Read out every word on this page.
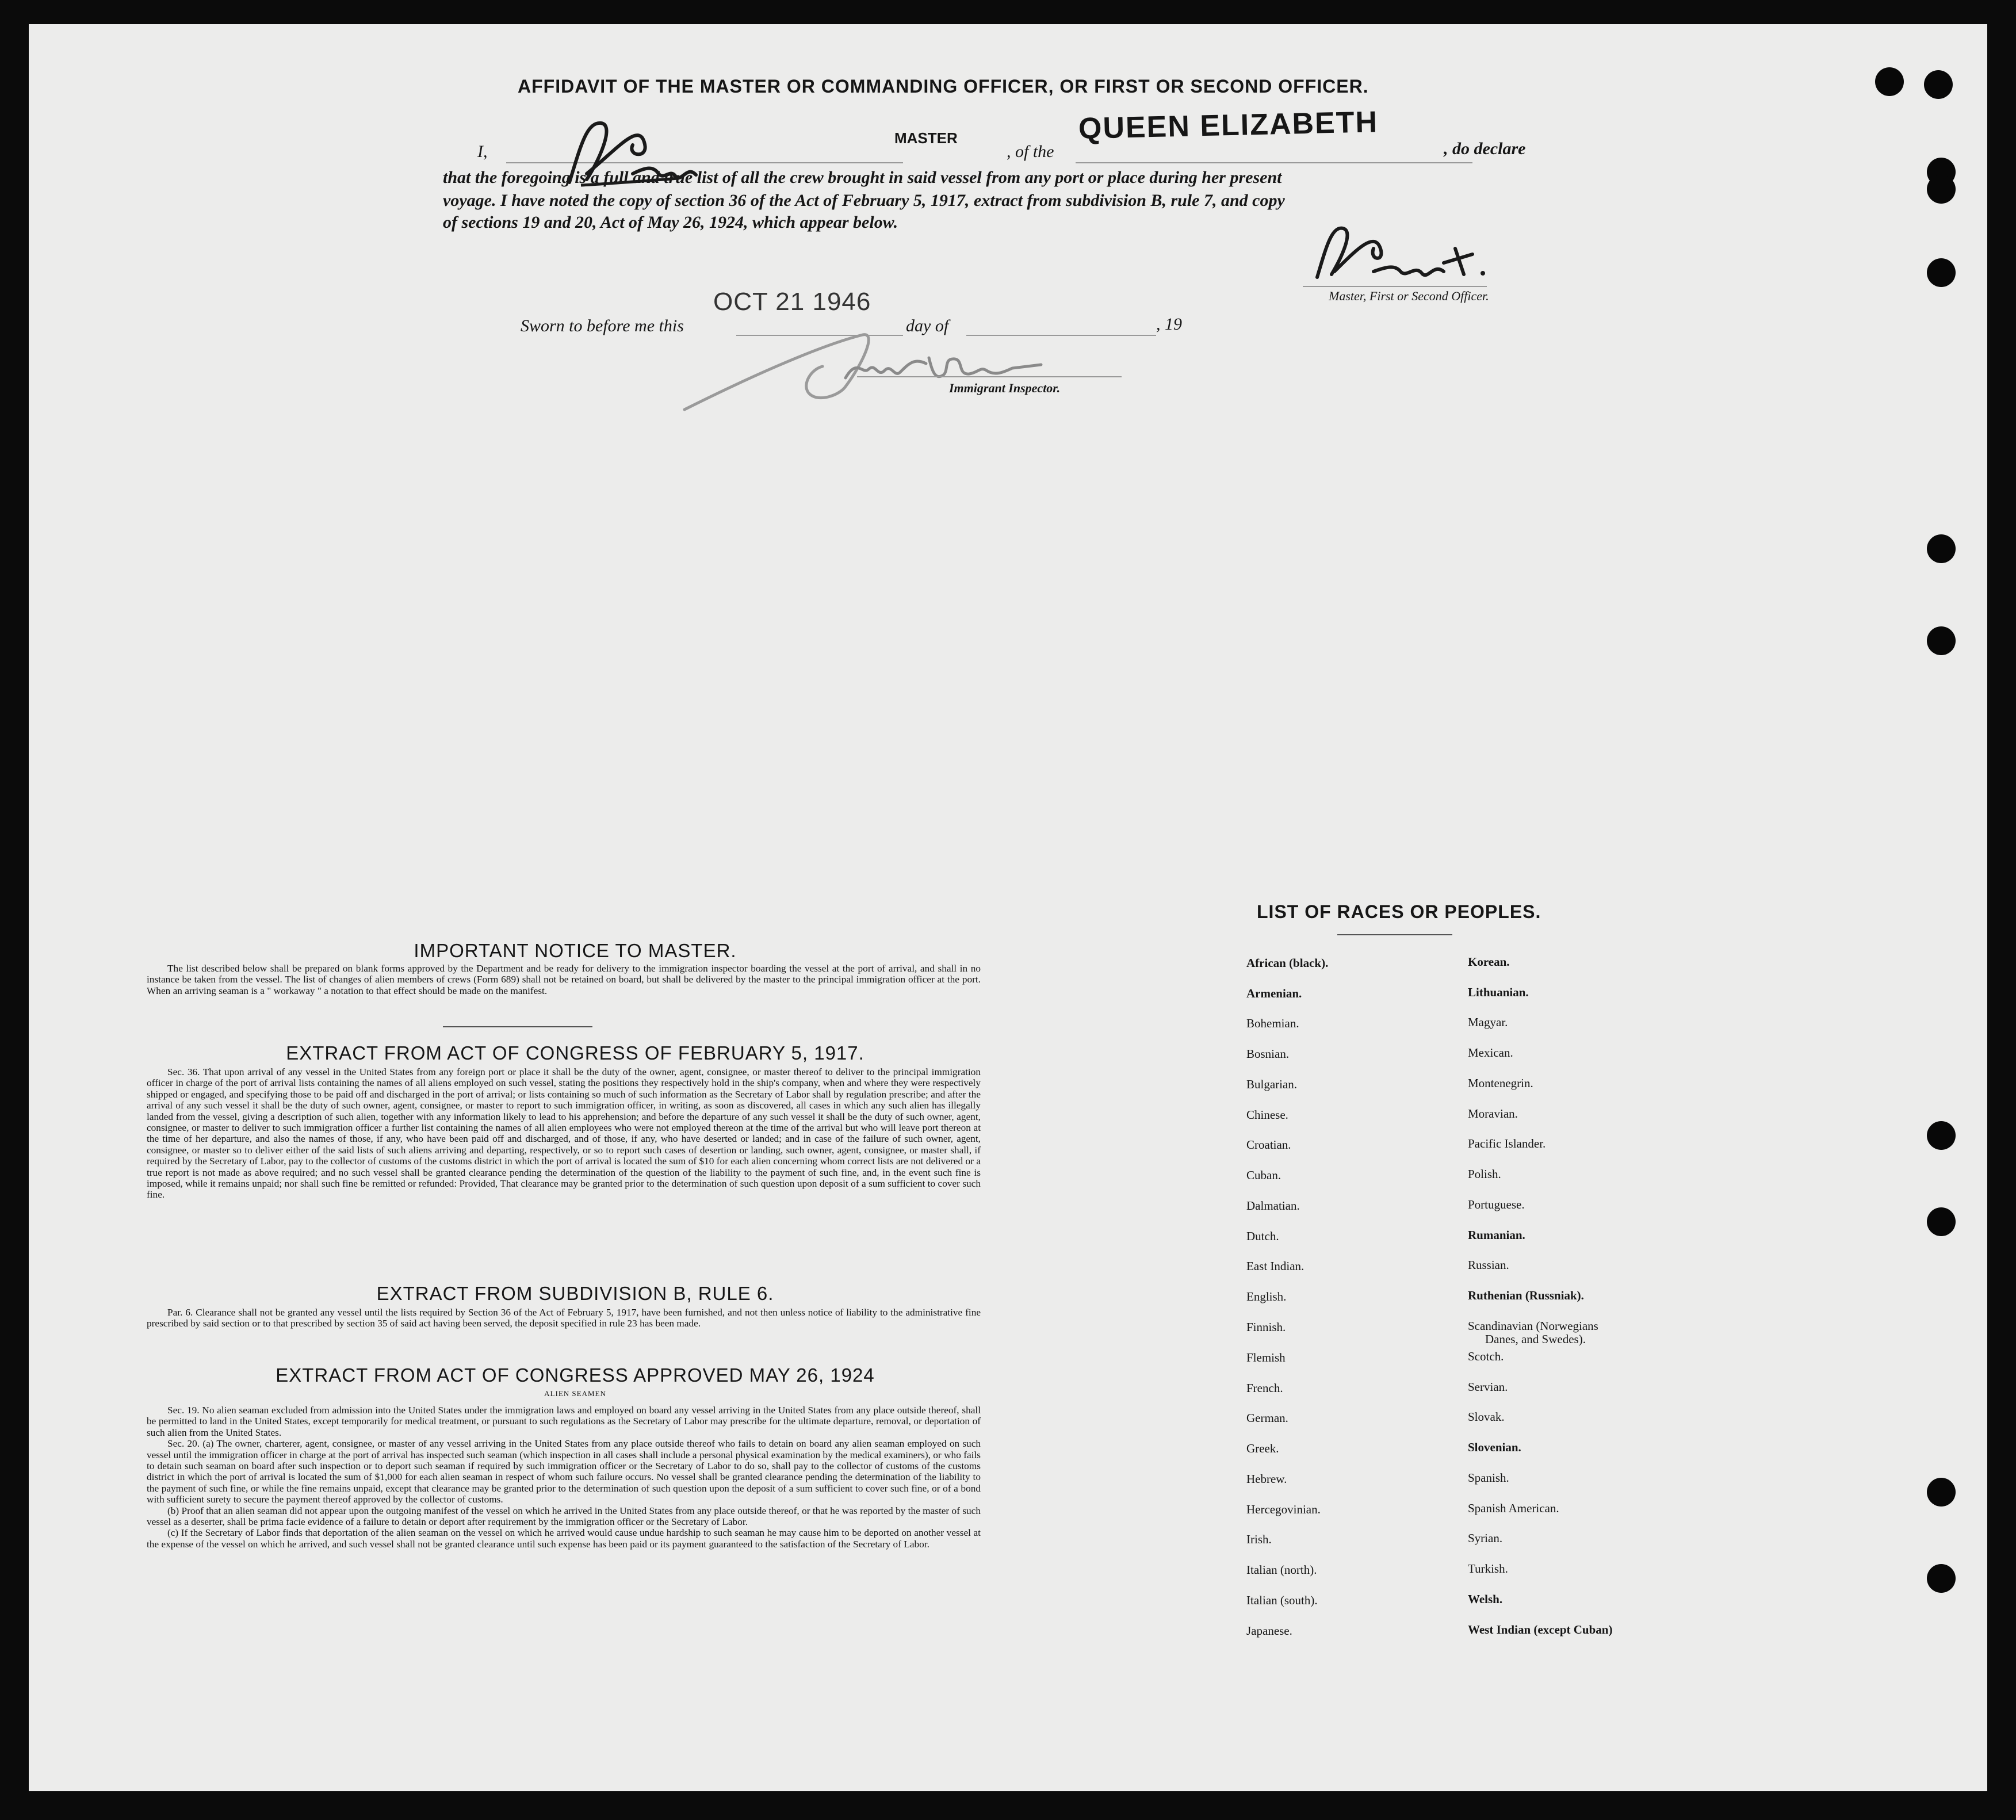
AFFIDAVIT OF THE MASTER OR COMMANDING OFFICER, OR FIRST OR SECOND OFFICER.
I,
MASTER
, of the
QUEEN ELIZABETH
, do declare
that the foregoing is a full and true list of all the crew brought in said vessel from any port or place during her present
voyage. I have noted the copy of section 36 of the Act of February 5, 1917, extract from subdivision B, rule 7, and copy
of sections 19 and 20, Act of May 26, 1924, which appear below.
Master, First or Second Officer.
OCT 21 1946
Sworn to before me this	day of	, 19
Immigrant Inspector.
IMPORTANT NOTICE TO MASTER.

The list described below shall be prepared on blank forms approved by the Department and be ready for delivery to the immigration inspector boarding the vessel at the port of arrival, and shall in no instance be taken from the vessel. The list of changes of alien members of crews (Form 689) shall not be retained on board, but shall be delivered by the master to the principal immigration officer at the port. When an arriving seaman is a " workaway " a notation to that effect should be made on the manifest.

EXTRACT FROM ACT OF CONGRESS OF FEBRUARY 5, 1917.

Sec. 36. That upon arrival of any vessel in the United States from any foreign port or place it shall be the duty of the owner, agent, consignee, or master thereof to deliver to the principal immigration officer in charge of the port of arrival lists containing the names of all aliens employed on such vessel, stating the positions they respectively hold in the ship's company, when and where they were respectively shipped or engaged, and specifying those to be paid off and discharged in the port of arrival; or lists containing so much of such information as the Secretary of Labor shall by regulation prescribe; and after the arrival of any such vessel it shall be the duty of such owner, agent, consignee, or master to report to such immigration officer, in writing, as soon as discovered, all cases in which any such alien has illegally landed from the vessel, giving a description of such alien, together with any information likely to lead to his apprehension; and before the departure of any such vessel it shall be the duty of such owner, agent, consignee, or master to deliver to such immigration officer a further list containing the names of all alien employees who were not employed thereon at the time of the arrival but who will leave port thereon at the time of her departure, and also the names of those, if any, who have been paid off and discharged, and of those, if any, who have deserted or landed; and in case of the failure of such owner, agent, consignee, or master so to deliver either of the said lists of such aliens arriving and departing, respectively, or so to report such cases of desertion or landing, such owner, agent, consignee, or master shall, if required by the Secretary of Labor, pay to the collector of customs of the customs district in which the port of arrival is located the sum of $10 for each alien concerning whom correct lists are not delivered or a true report is not made as above required; and no such vessel shall be granted clearance pending the determination of the question of the liability to the payment of such fine, and, in the event such fine is imposed, while it remains unpaid; nor shall such fine be remitted or refunded: Provided, That clearance may be granted prior to the determination of such question upon deposit of a sum sufficient to cover such fine.

EXTRACT FROM SUBDIVISION B, RULE 6.

Par. 6. Clearance shall not be granted any vessel until the lists required by Section 36 of the Act of February 5, 1917, have been furnished, and not then unless notice of liability to the administrative fine prescribed by said section or to that prescribed by section 35 of said act having been served, the deposit specified in rule 23 has been made.

EXTRACT FROM ACT OF CONGRESS APPROVED MAY 26, 1924
ALIEN SEAMEN

Sec. 19. No alien seaman excluded from admission into the United States under the immigration laws and employed on board any vessel arriving in the United States from any place outside thereof, shall be permitted to land in the United States, except temporarily for medical treatment, or pursuant to such regulations as the Secretary of Labor may prescribe for the ultimate departure, removal, or deportation of such alien from the United States.

Sec. 20. (a) The owner, charterer, agent, consignee, or master of any vessel arriving in the United States from any place outside thereof who fails to detain on board any alien seaman employed on such vessel until the immigration officer in charge at the port of arrival has inspected such seaman (which inspection in all cases shall include a personal physical examination by the medical examiners), or who fails to detain such seaman on board after such inspection or to deport such seaman if required by such immigration officer or the Secretary of Labor to do so, shall pay to the collector of customs of the customs district in which the port of arrival is located the sum of $1,000 for each alien seaman in respect of whom such failure occurs. No vessel shall be granted clearance pending the determination of the liability to the payment of such fine, or while the fine remains unpaid, except that clearance may be granted prior to the determination of such question upon the deposit of a sum sufficient to cover such fine, or of a bond with sufficient surety to secure the payment thereof approved by the collector of customs.

(b) Proof that an alien seaman did not appear upon the outgoing manifest of the vessel on which he arrived in the United States from any place outside thereof, or that he was reported by the master of such vessel as a deserter, shall be prima facie evidence of a failure to detain or deport after requirement by the immigration officer or the Secretary of Labor.

(c) If the Secretary of Labor finds that deportation of the alien seaman on the vessel on which he arrived would cause undue hardship to such seaman he may cause him to be deported on another vessel at the expense of the vessel on which he arrived, and such vessel shall not be granted clearance until such expense has been paid or its payment guaranteed to the satisfaction of the Secretary of Labor.

LIST OF RACES OR PEOPLES.
African (black).
Armenian.
Bohemian.
Bosnian.
Bulgarian.
Chinese.
Croatian.
Cuban.
Dalmatian.
Dutch.
East Indian.
English.
Finnish.
Flemish
French.
German.
Greek.
Hebrew.
Hercegovinian.
Irish.
Italian (north).
Italian (south).
Japanese.
Korean.
Lithuanian.
Magyar.
Mexican.
Montenegrin.
Moravian.
Pacific Islander.
Polish.
Portuguese.
Rumanian.
Russian.
Ruthenian (Russniak).
Scandinavian (Norwegians
Danes, and Swedes).
Scotch.
Servian.
Slovak.
Slovenian.
Spanish.
Spanish American.
Syrian.
Turkish.
Welsh.
West Indian (except Cuban)
